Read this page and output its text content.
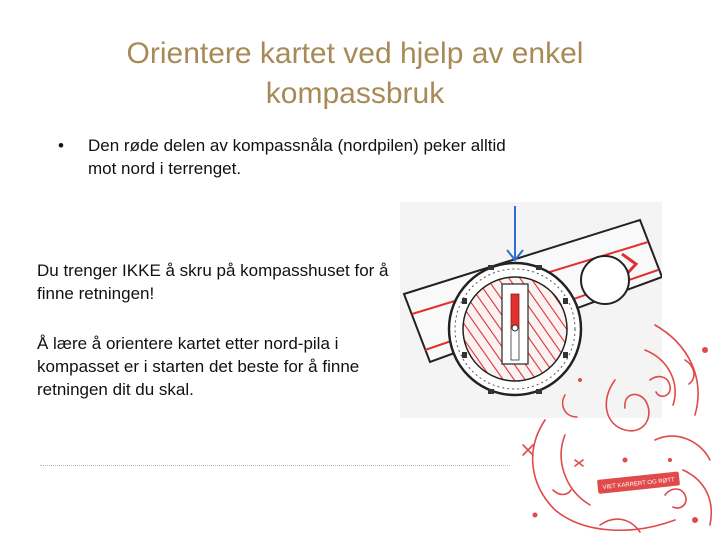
Orientere kartet ved hjelp av enkel kompassbruk
• Den røde delen av kompassnåla (nordpilen) peker alltid mot nord i terrenget.
Du trenger IKKE å skru på kompasshuset for å finne retningen!
Å lære å orientere kartet etter nord-pila i kompasset er i starten det beste for å finne retningen dit du skal.
VIET KARRERT OG RØTT
